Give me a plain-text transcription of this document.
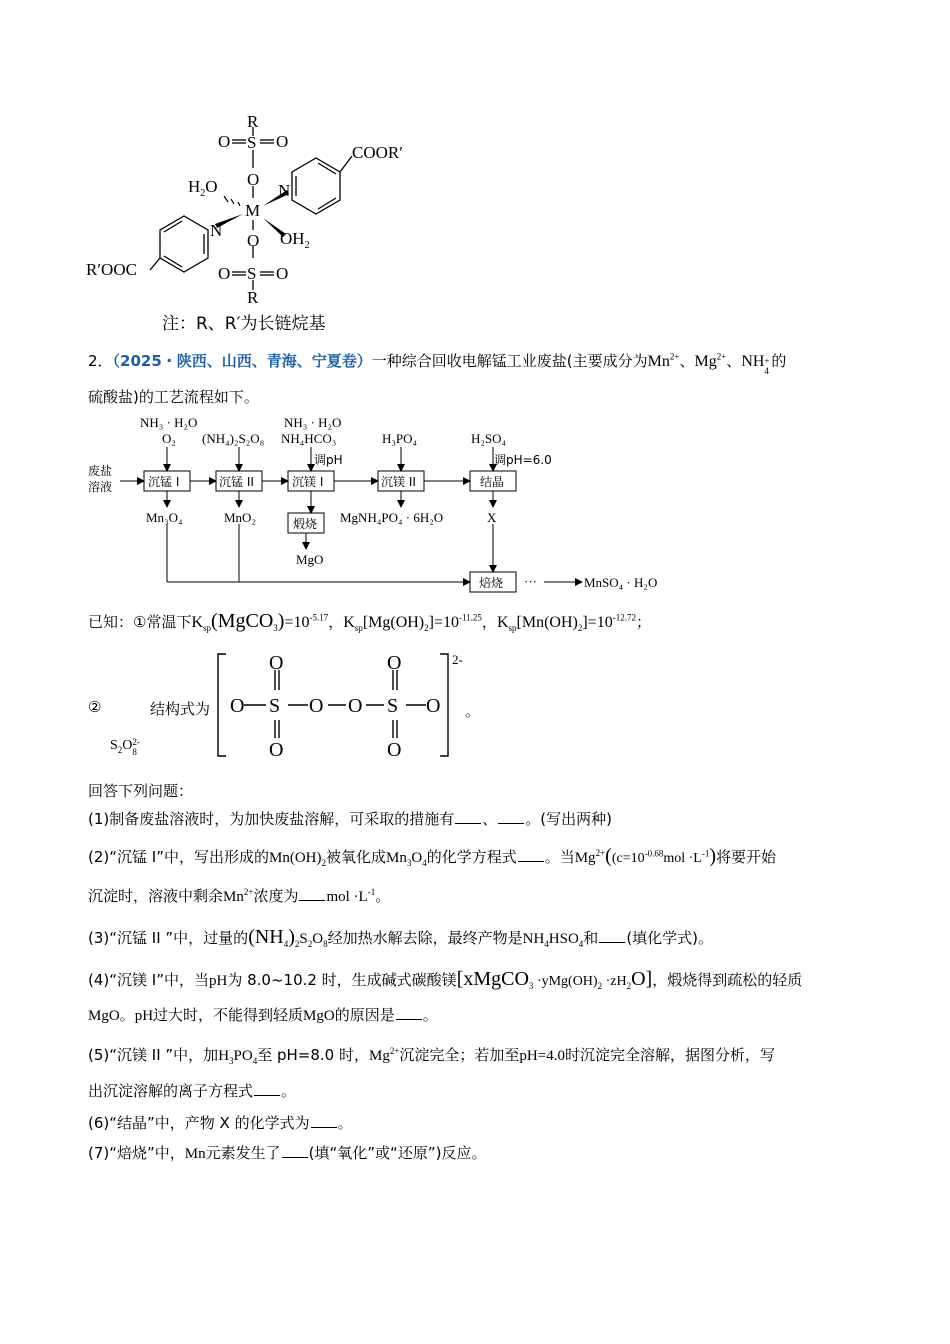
R
O	O
S
O
$H_2O$
M
N
N
COOR′
R′OOC
$OH_2$
O
S
O	O
R
注：R、R′为长链烷基
2．（2025・陕西、山西、青海、宁夏卷）一种综合回收电解锰工业废盐(主要成分为$Mn^{2+}$、$Mg^{2+}$、NH +
4
的
硫酸盐)的工艺流程如下。
NH₃ · H₂O
O₂ (NH₄)₂S₂O₈
NH₃ · H₂O
NH₄HCO₃
调pH
H₃PO₄	H₂SO₄
调pH=6.0
废盐
溶液	沉锰 I	沉锰 II	沉镁 I	沉镁 II	结晶
Mn₃O₄	MnO₂	煅烧
MgO
MgNH₄PO₄ · 6H₂O	X
焙烧 ···	MnSO₄ · H₂O
已知：①常温下$K_{sp}(MgCO_3)=10^{-5.17}$，$K_{sp}[Mg(OH)_2]=10^{-11.25}$，$K_{sp}[Mn(OH)_2]=10^{-12.72}$；
②	结构式为
$S_2O$ 2-
8
O S
O
O
O O S
O
O
O
2-
。
回答下列问题：
(1)制备废盐溶液时，为加快废盐溶解，可采取的措施有 、 。(写出两种)
(2)“沉锰 I”中，写出形成的$Mn(OH)_2$被氧化成$Mn_3O_4$的化学方程式 。当$Mg^{2+}((c=10^{-0.68}mol \cdot L^{-1})$将要开始
沉淀时，溶液中剩余$Mn^{2+}$浓度为 mol $\cdot L^{-1}$。
(3)“沉锰 II ”中，过量的$(NH_4)_2S_2O_8$经加热水解去除，最终产物是$NH_4HSO_4$和 (填化学式)。
(4)“沉镁 I”中，当pH为 8.0~10.2 时，生成碱式碳酸镁[xMgCO$_3$ $\cdot yMg(OH)_2 \cdot zH_2O$]，煅烧得到疏松的轻质
MgO。pH过大时，不能得到轻质MgO的原因是 。
(5)“沉镁 II ”中，加$H_3PO_4$至 pH=8.0 时，$Mg^{2+}$沉淀完全；若加至pH=4.0时沉淀完全溶解，据图分析，写
出沉淀溶解的离子方程式 。
(6)“结晶”中，产物 X 的化学式为 。
(7)“焙烧”中，Mn元素发生了 (填“氧化”或“还原”)反应。
